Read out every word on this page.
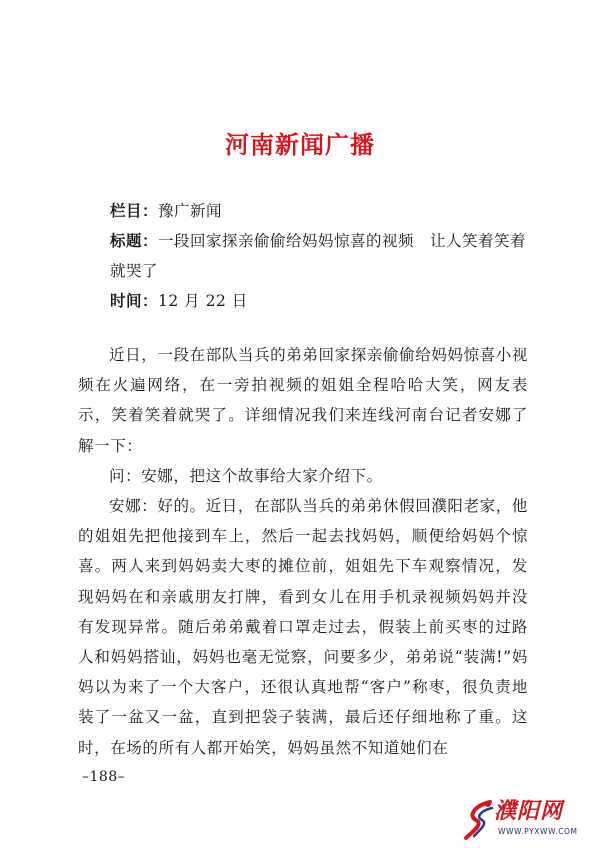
河南新闻广播

栏目：豫广新闻

标题：一段回家探亲偷偷给妈妈惊喜的视频　让人笑着笑着就哭了

时间：12 月 22 日

近日，一段在部队当兵的弟弟回家探亲偷偷给妈妈惊喜小视频在火遍网络，在一旁拍视频的姐姐全程哈哈大笑，网友表示，笑着笑着就哭了。详细情况我们来连线河南台记者安娜了解一下：

问：安娜，把这个故事给大家介绍下。

安娜：好的。近日，在部队当兵的弟弟休假回濮阳老家，他的姐姐先把他接到车上，然后一起去找妈妈，顺便给妈妈个惊喜。两人来到妈妈卖大枣的摊位前，姐姐先下车观察情况，发现妈妈在和亲戚朋友打牌，看到女儿在用手机录视频妈妈并没有发现异常。随后弟弟戴着口罩走过去，假装上前买枣的过路人和妈妈搭讪，妈妈也毫无觉察，问要多少，弟弟说“装满!”妈妈以为来了一个大客户，还很认真地帮“客户”称枣，很负责地装了一盆又一盆，直到把袋子装满，最后还仔细地称了重。这时，在场的所有人都开始笑，妈妈虽然不知道她们在

–188–
濮阳网
WWW.PYXWW.COM
